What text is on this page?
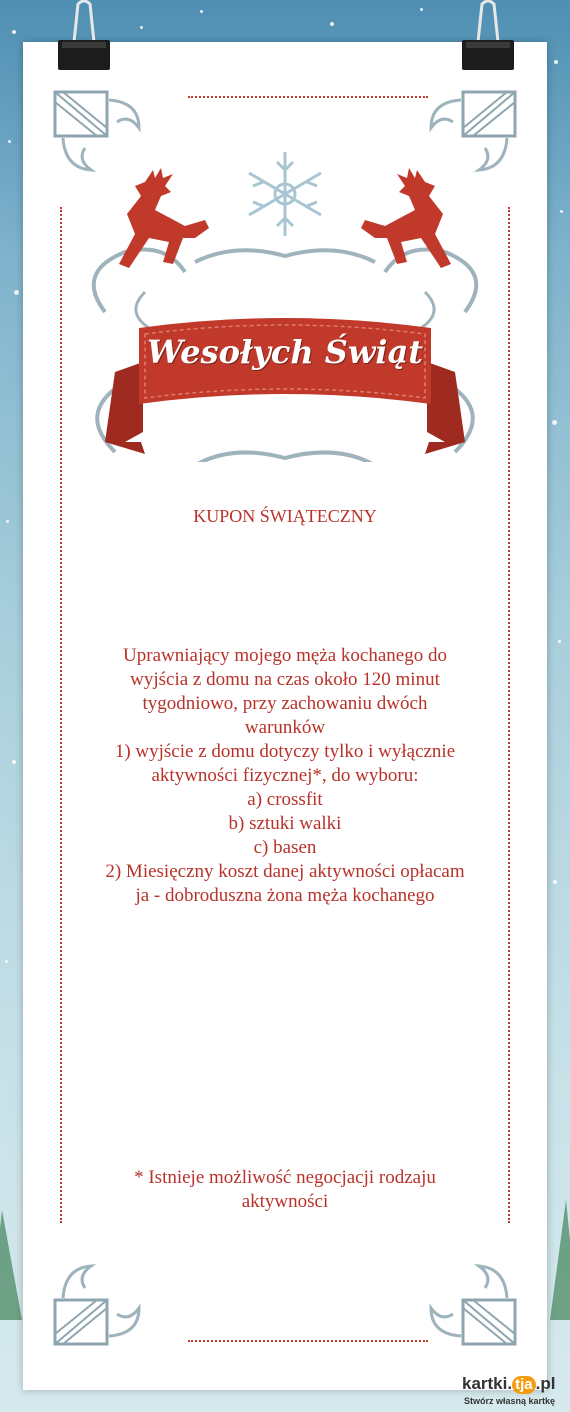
Wesołych Świąt
KUPON ŚWIĄTECZNY
Uprawniający mojego męża kochanego do
wyjścia z domu na czas około 120 minut
tygodniowo, przy zachowaniu dwóch
warunków
1) wyjście z domu dotyczy tylko i wyłącznie
aktywności fizycznej*, do wyboru:
a) crossfit
b) sztuki walki
c) basen
2) Miesięczny koszt danej aktywności opłacam
ja - dobroduszna żona męża kochanego
* Istnieje możliwość negocjacji rodzaju
aktywności
kartki. tja .pl
Stwórz własną kartkę
